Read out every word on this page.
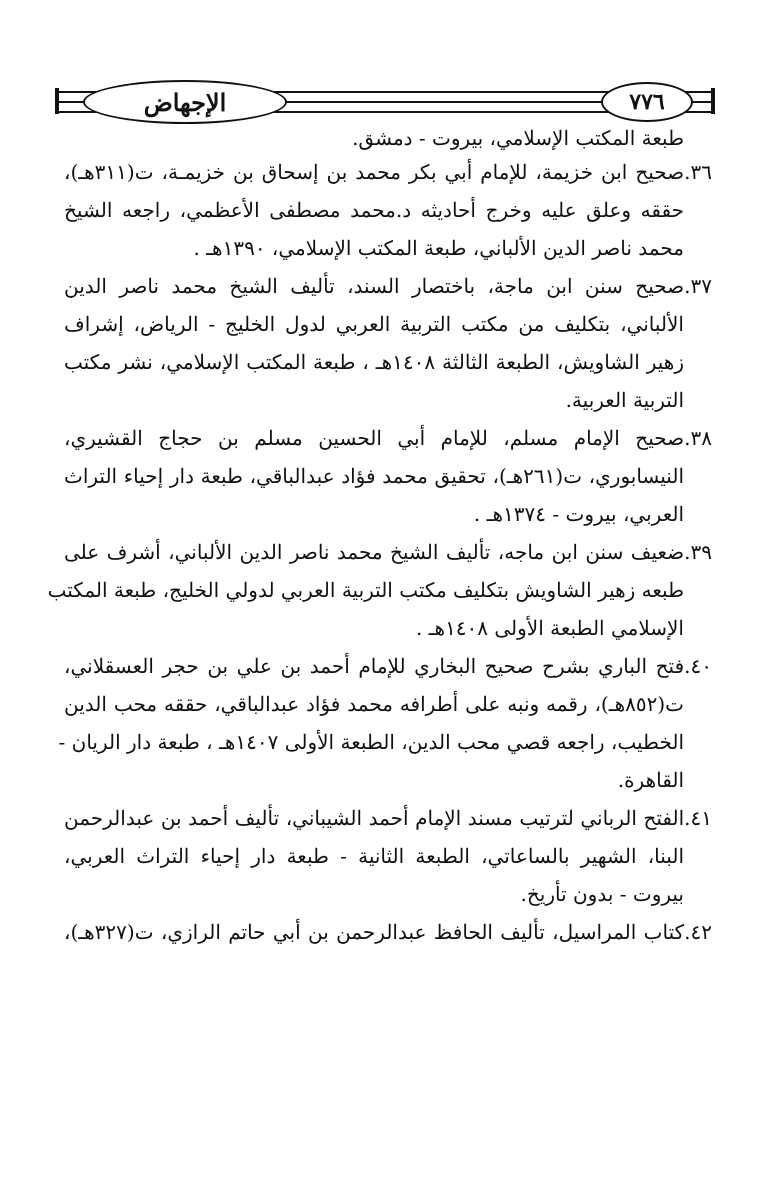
الإجهاض	٧٧٦

طبعة المكتب الإسلامي، بيروت - دمشق.

٣٦.صحيح ابن خزيمة، للإمام أبي بكر محمد بن إسحاق بن خزيمـة، ت(٣١١هـ)،

حققه وعلق عليه وخرج أحاديثه د.محمد مصطفى الأعظمي، راجعه الشيخ

محمد ناصر الدين الألباني، طبعة المكتب الإسلامي، ١٣٩٠هـ .

٣٧.صحيح سنن ابن ماجة، باختصار السند، تأليف الشيخ محمد ناصر الدين

الألباني، بتكليف من مكتب التربية العربي لدول الخليج - الرياض، إشراف

زهير الشاويش، الطبعة الثالثة ١٤٠٨هـ ، طبعة المكتب الإسلامي، نشر مكتب

التربية العربية.

٣٨.صحيح الإمام مسلم، للإمام أبي الحسين مسلم بن حجاج القشيري،

النيسابوري، ت(٢٦١هـ)، تحقيق محمد فؤاد عبدالباقي، طبعة دار إحياء التراث

العربي، بيروت - ١٣٧٤هـ .

٣٩.ضعيف سنن ابن ماجه، تأليف الشيخ محمد ناصر الدين الألباني، أشرف على

طبعه زهير الشاويش بتكليف مكتب التربية العربي لدولي الخليج، طبعة المكتب

الإسلامي الطبعة الأولى ١٤٠٨هـ .

٤٠.فتح الباري بشرح صحيح البخاري للإمام أحمد بن علي بن حجر العسقلاني،

ت(٨٥٢هـ)، رقمه ونبه على أطرافه محمد فؤاد عبدالباقي، حققه محب الدين

الخطيب، راجعه قصي محب الدين، الطبعة الأولى ١٤٠٧هـ ، طبعة دار الريان -

القاهرة.

٤١.الفتح الرباني لترتيب مسند الإمام أحمد الشيباني، تأليف أحمد بن عبدالرحمن

البنا، الشهير بالساعاتي، الطبعة الثانية - طبعة دار إحياء التراث العربي،

بيروت - بدون تأريخ.

٤٢.كتاب المراسيل، تأليف الحافظ عبدالرحمن بن أبي حاتم الرازي، ت(٣٢٧هـ)،
